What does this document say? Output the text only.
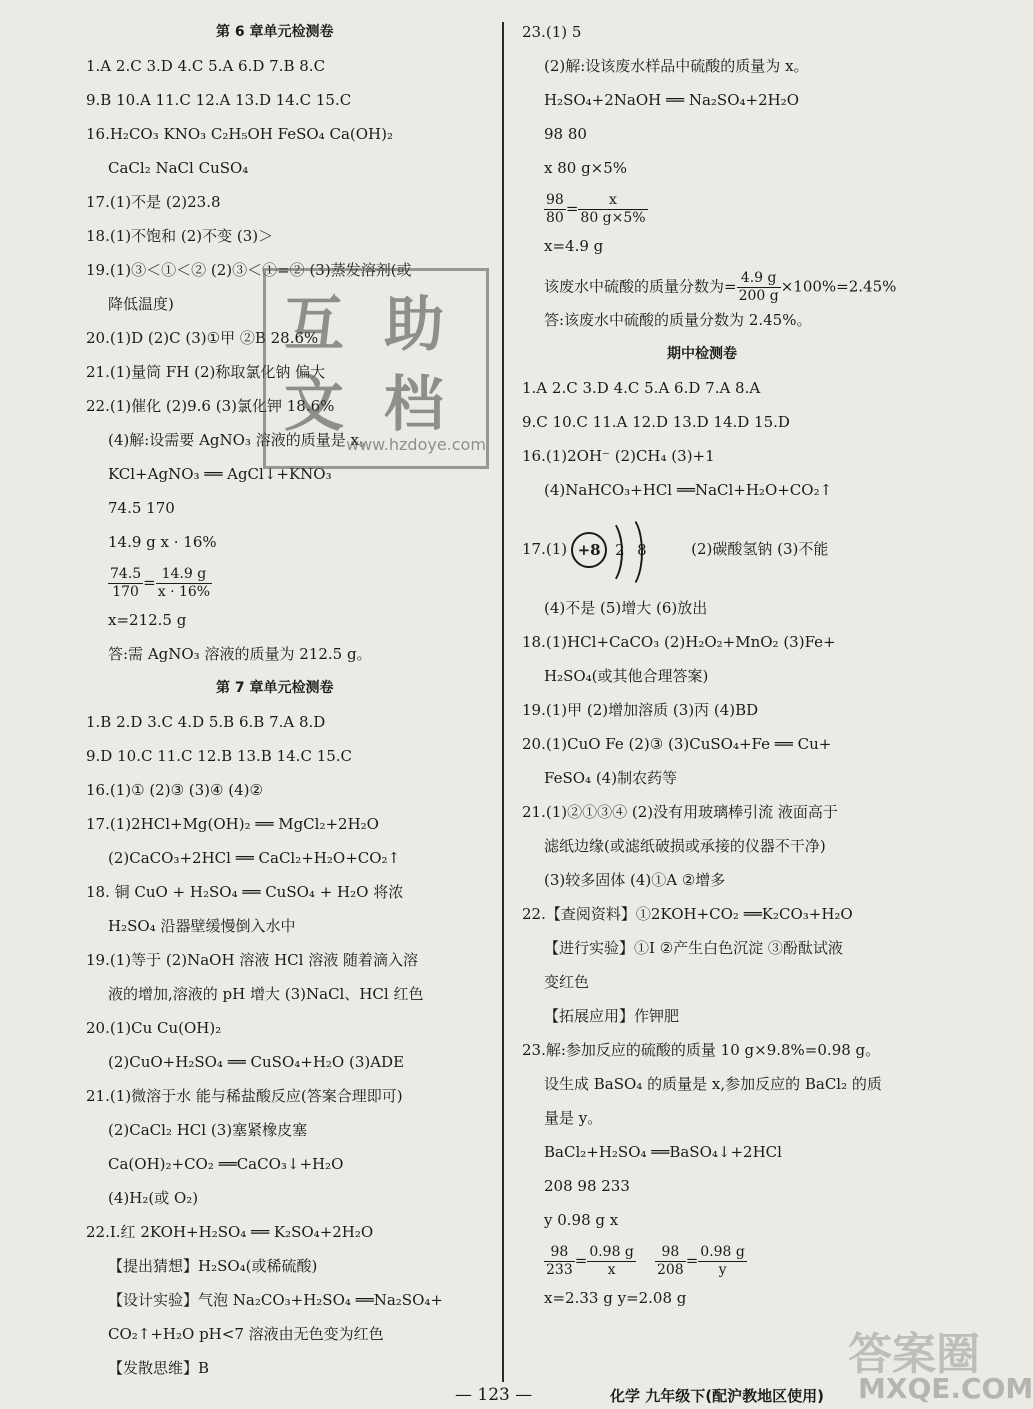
第 6 章单元检测卷
1.A 2.C 3.D 4.C 5.A 6.D 7.B 8.C
9.B 10.A 11.C 12.A 13.D 14.C 15.C
16.H₂CO₃ KNO₃ C₂H₅OH FeSO₄ Ca(OH)₂
CaCl₂ NaCl CuSO₄
17.(1)不是 (2)23.8
18.(1)不饱和 (2)不变 (3)＞
19.(1)③＜①＜② (2)③＜①=② (3)蒸发溶剂(或
降低温度)
20.(1)D (2)C (3)①甲 ②B 28.6%
21.(1)量筒 FH (2)称取氯化钠 偏大
22.(1)催化 (2)9.6 (3)氯化钾 18.6%
(4)解:设需要 AgNO₃ 溶液的质量是 x。
KCl+AgNO₃ ══ AgCl↓+KNO₃
74.5 170
14.9 g x · 16%
$\frac{74.5}{170} = \frac{14.9 g}{x \cdot 16\%}$
x=212.5 g
答:需 AgNO₃ 溶液的质量为 212.5 g。
第 7 章单元检测卷
1.B 2.D 3.C 4.D 5.B 6.B 7.A 8.D
9.D 10.C 11.C 12.B 13.B 14.C 15.C
16.(1)① (2)③ (3)④ (4)②
17.(1)2HCl+Mg(OH)₂ ══ MgCl₂+2H₂O
(2)CaCO₃+2HCl ══ CaCl₂+H₂O+CO₂↑
18. 铜 CuO + H₂SO₄ ══ CuSO₄ + H₂O 将浓
H₂SO₄ 沿器壁缓慢倒入水中
19.(1)等于 (2)NaOH 溶液 HCl 溶液 随着滴入溶
液的增加,溶液的 pH 增大 (3)NaCl、HCl 红色
20.(1)Cu Cu(OH)₂
(2)CuO+H₂SO₄ ══ CuSO₄+H₂O (3)ADE
21.(1)微溶于水 能与稀盐酸反应(答案合理即可)
(2)CaCl₂ HCl (3)塞紧橡皮塞
Ca(OH)₂+CO₂ ══CaCO₃↓+H₂O
(4)H₂(或 O₂)
22.Ⅰ.红 2KOH+H₂SO₄ ══ K₂SO₄+2H₂O
【提出猜想】H₂SO₄(或稀硫酸)
【设计实验】气泡 Na₂CO₃+H₂SO₄ ══Na₂SO₄+
CO₂↑+H₂O pH<7 溶液由无色变为红色
【发散思维】B
23.(1) 5
(2)解:设该废水样品中硫酸的质量为 x。
H₂SO₄+2NaOH ══ Na₂SO₄+2H₂O
98 80
x 80 g×5%
$\frac{98}{80} = \frac{x}{80 g\times 5\%}$
x=4.9 g
该废水中硫酸的质量分数为= $\frac{4.9 g}{200 g} \times 100\%=2.45\%$
答:该废水中硫酸的质量分数为 2.45%。
期中检测卷
1.A 2.C 3.D 4.C 5.A 6.D 7.A 8.A
9.C 10.C 11.A 12.D 13.D 14.D 15.D
16.(1)2OH⁻ (2)CH₄ (3)+1
(4)NaHCO₃+HCl ══NaCl+H₂O+CO₂↑
17.(1) +8 2 8	(2)碳酸氢钠 (3)不能
(4)不是 (5)增大 (6)放出
18.(1)HCl+CaCO₃ (2)H₂O₂+MnO₂ (3)Fe+
H₂SO₄(或其他合理答案)
19.(1)甲 (2)增加溶质 (3)丙 (4)BD
20.(1)CuO Fe (2)③ (3)CuSO₄+Fe ══ Cu+
FeSO₄ (4)制农药等
21.(1)②①③④ (2)没有用玻璃棒引流 液面高于
滤纸边缘(或滤纸破损或承接的仪器不干净)
(3)较多固体 (4)①A ②增多
22.【查阅资料】①2KOH+CO₂ ══K₂CO₃+H₂O
【进行实验】①Ⅰ ②产生白色沉淀 ③酚酞试液
变红色
【拓展应用】作钾肥
23.解:参加反应的硫酸的质量 10 g×9.8%=0.98 g。
设生成 BaSO₄ 的质量是 x,参加反应的 BaCl₂ 的质
量是 y。
BaCl₂+H₂SO₄ ══BaSO₄↓+2HCl
208 98 233
y 0.98 g x
$\frac{98}{233} = \frac{0.98 g}{x}$
$\frac{98}{208} = \frac{0.98 g}{y}$
x=2.33 g y=2.08 g
互 助
文 档
www.hzdoye.com
答案圈
MXQE.COM
— 123 —	化学 九年级下(配沪教地区使用)
